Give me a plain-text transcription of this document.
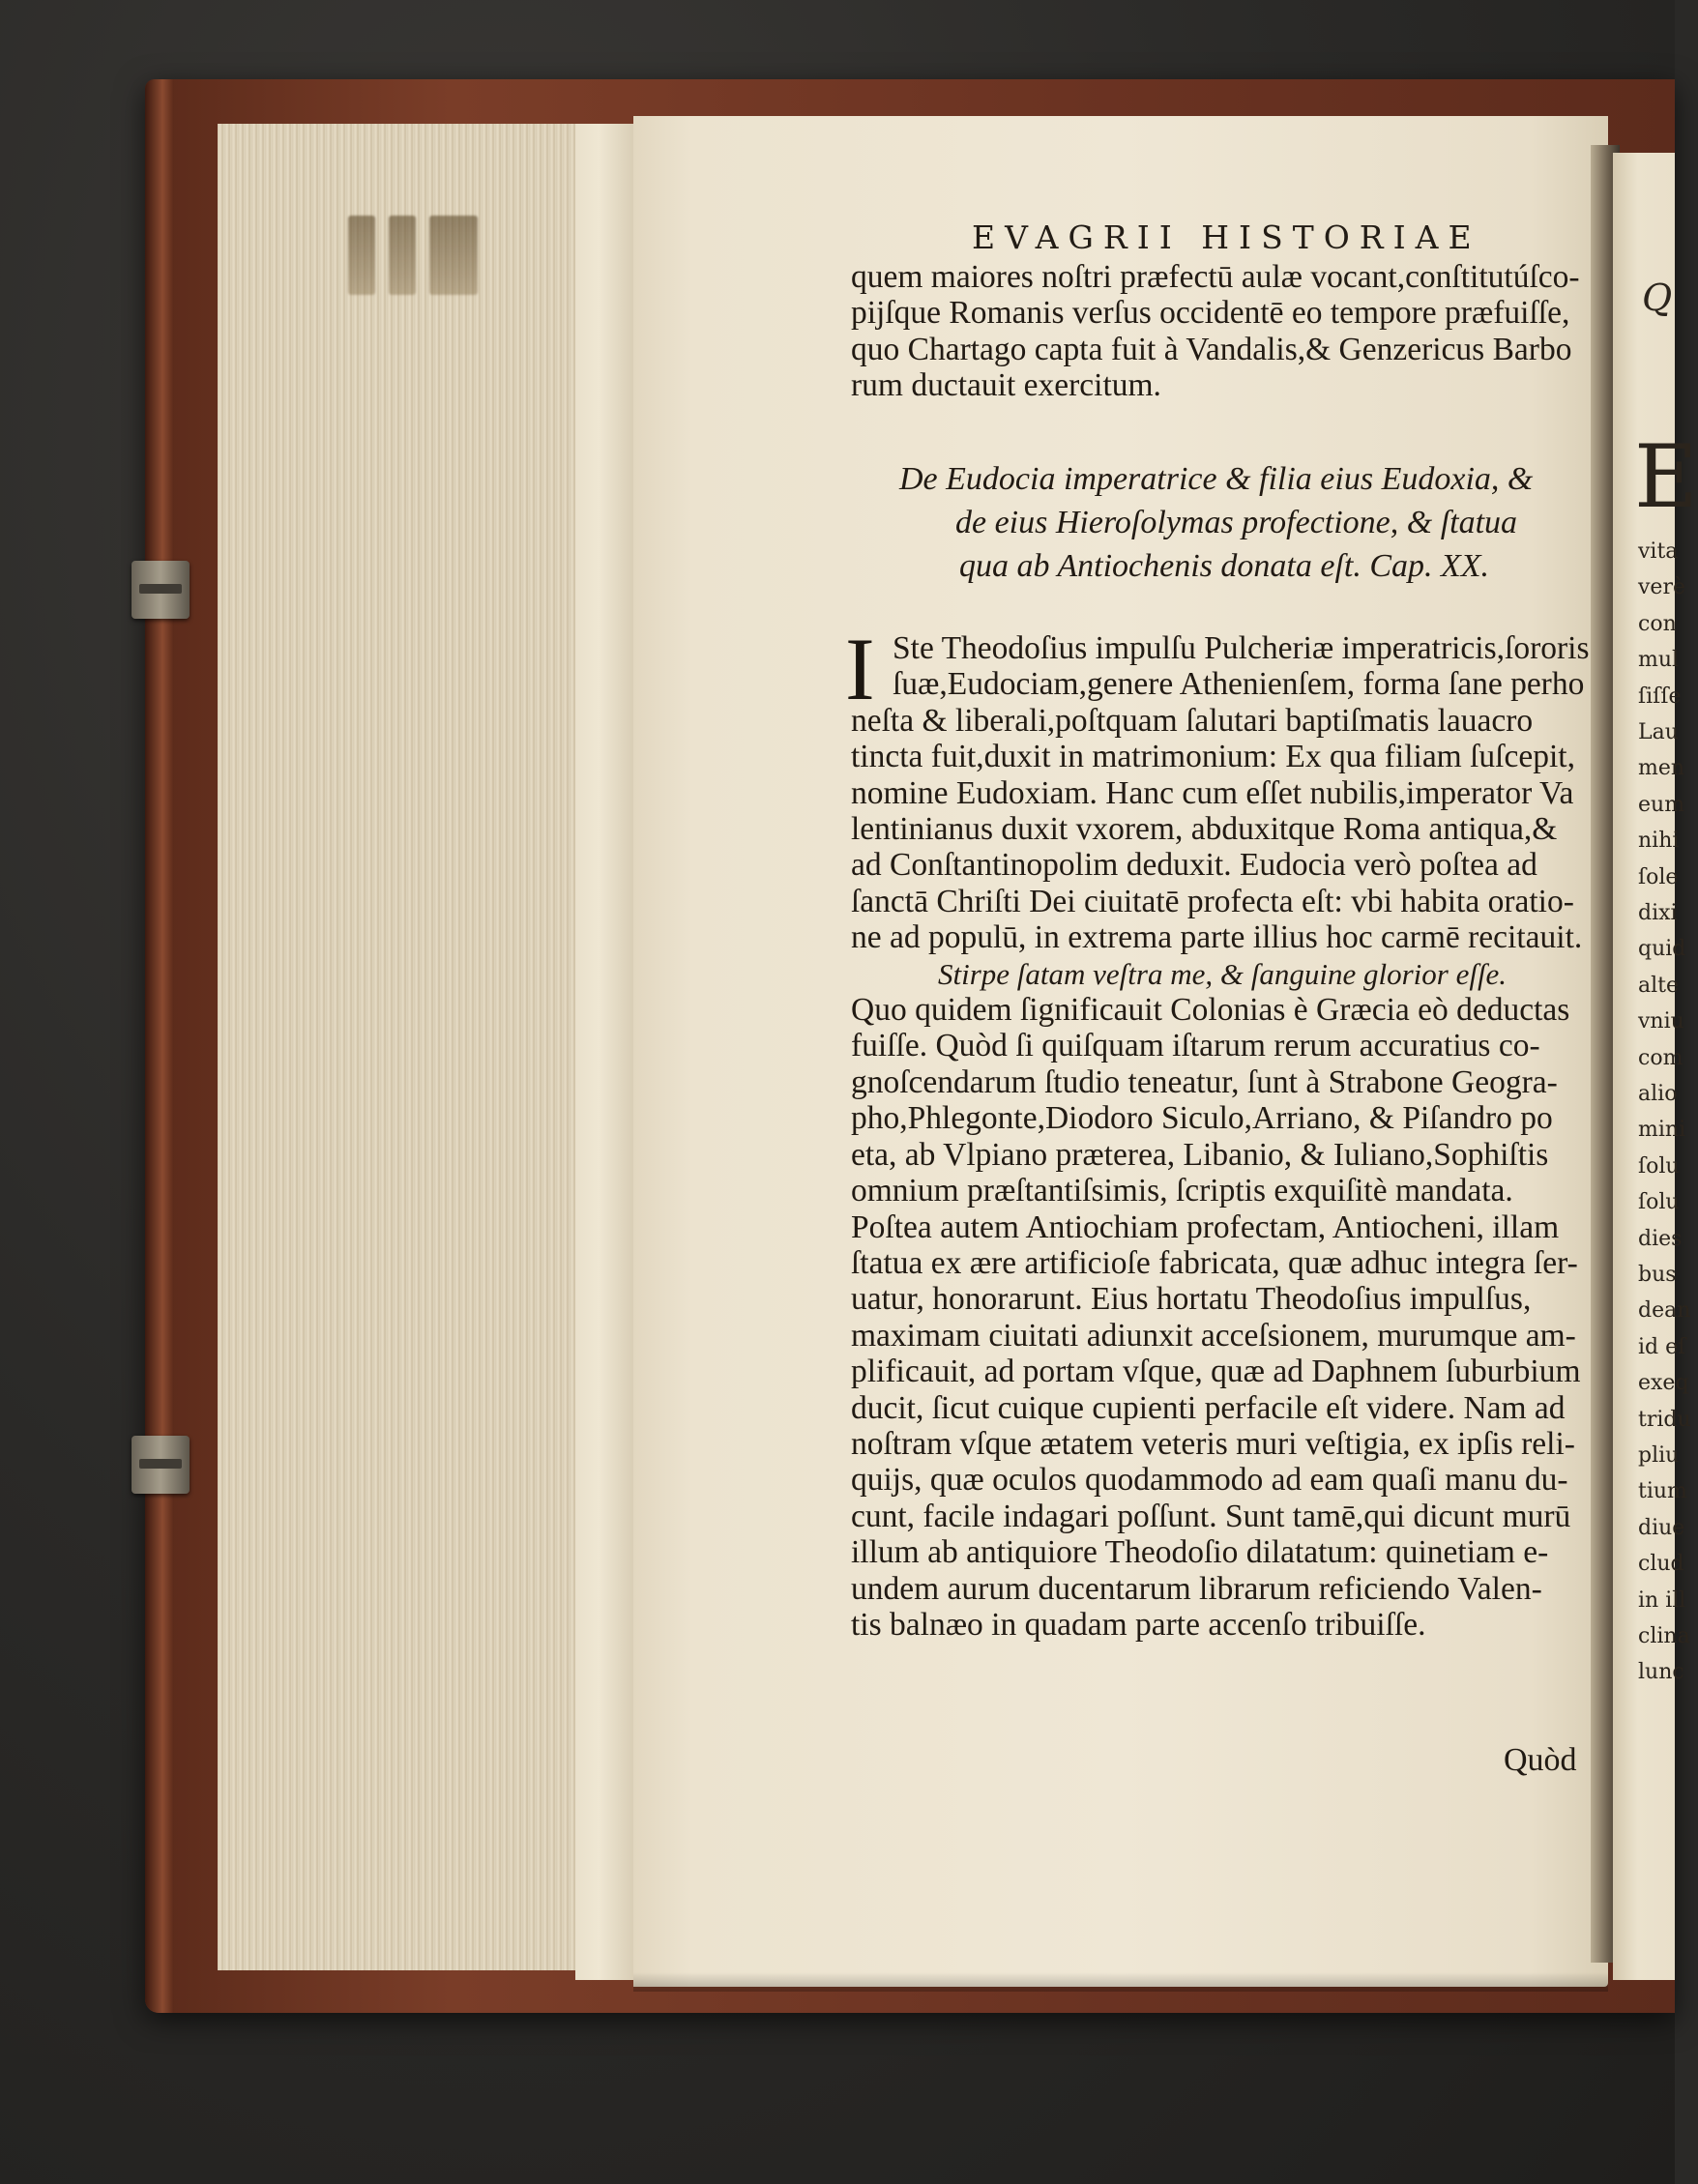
Q
E
vita
verè
con
mul
ſiſſe
Lau
men
eum
nihi
ſole
dixi
quid
alte
vniu
com
alio
mini
ſolu
ſolu
dies
bus
dean
id eſ
exeq
tridu
pliu
tium
diue
clud
in ill
clina
lunc
EVAGRII HISTORIAE
quem maiores noſtri præfectū aulæ vocant,conſtitutúſco-
pijſque Romanis verſus occidentē eo tempore præfuiſſe,
quo Chartago capta fuit à Vandalis,& Genzericus Barbo
rum ductauit exercitum.
De Eudocia imperatrice & filia eius Eudoxia, &
de eius Hieroſolymas profectione, & ſtatua
qua ab Antiochenis donata eſt. Cap. XX.
I Ste Theodoſius impulſu Pulcheriæ imperatricis,ſororis
ſuæ,Eudociam,genere Athenienſem, forma ſane perho
neſta & liberali,poſtquam ſalutari baptiſmatis lauacro
tincta fuit,duxit in matrimonium: Ex qua filiam ſuſcepit,
nomine Eudoxiam. Hanc cum eſſet nubilis,imperator Va
lentinianus duxit vxorem, abduxitque Roma antiqua,&
ad Conſtantinopolim deduxit. Eudocia verò poſtea ad
ſanctā Chriſti Dei ciuitatē profecta eſt: vbi habita oratio-
ne ad populū, in extrema parte illius hoc carmē recitauit.
Stirpe ſatam veſtra me, & ſanguine glorior eſſe.
Quo quidem ſignificauit Colonias è Græcia eò deductas
fuiſſe. Quòd ſi quiſquam iſtarum rerum accuratius co-
gnoſcendarum ſtudio teneatur, ſunt à Strabone Geogra-
pho,Phlegonte,Diodoro Siculo,Arriano, & Piſandro po
eta, ab Vlpiano præterea, Libanio, & Iuliano,Sophiſtis
omnium præſtantiſsimis, ſcriptis exquiſitè mandata.
Poſtea autem Antiochiam profectam, Antiocheni, illam
ſtatua ex ære artificioſe fabricata, quæ adhuc integra ſer-
uatur, honorarunt. Eius hortatu Theodoſius impulſus,
maximam ciuitati adiunxit acceſsionem, murumque am-
plificauit, ad portam vſque, quæ ad Daphnem ſuburbium
ducit, ſicut cuique cupienti perfacile eſt videre. Nam ad
noſtram vſque ætatem veteris muri veſtigia, ex ipſis reli-
quijs, quæ oculos quodammodo ad eam quaſi manu du-
cunt, facile indagari poſſunt. Sunt tamē,qui dicunt murū
illum ab antiquiore Theodoſio dilatatum: quinetiam e-
undem aurum ducentarum librarum reficiendo Valen-
tis balnæo in quadam parte accenſo tribuiſſe.
Quòd
